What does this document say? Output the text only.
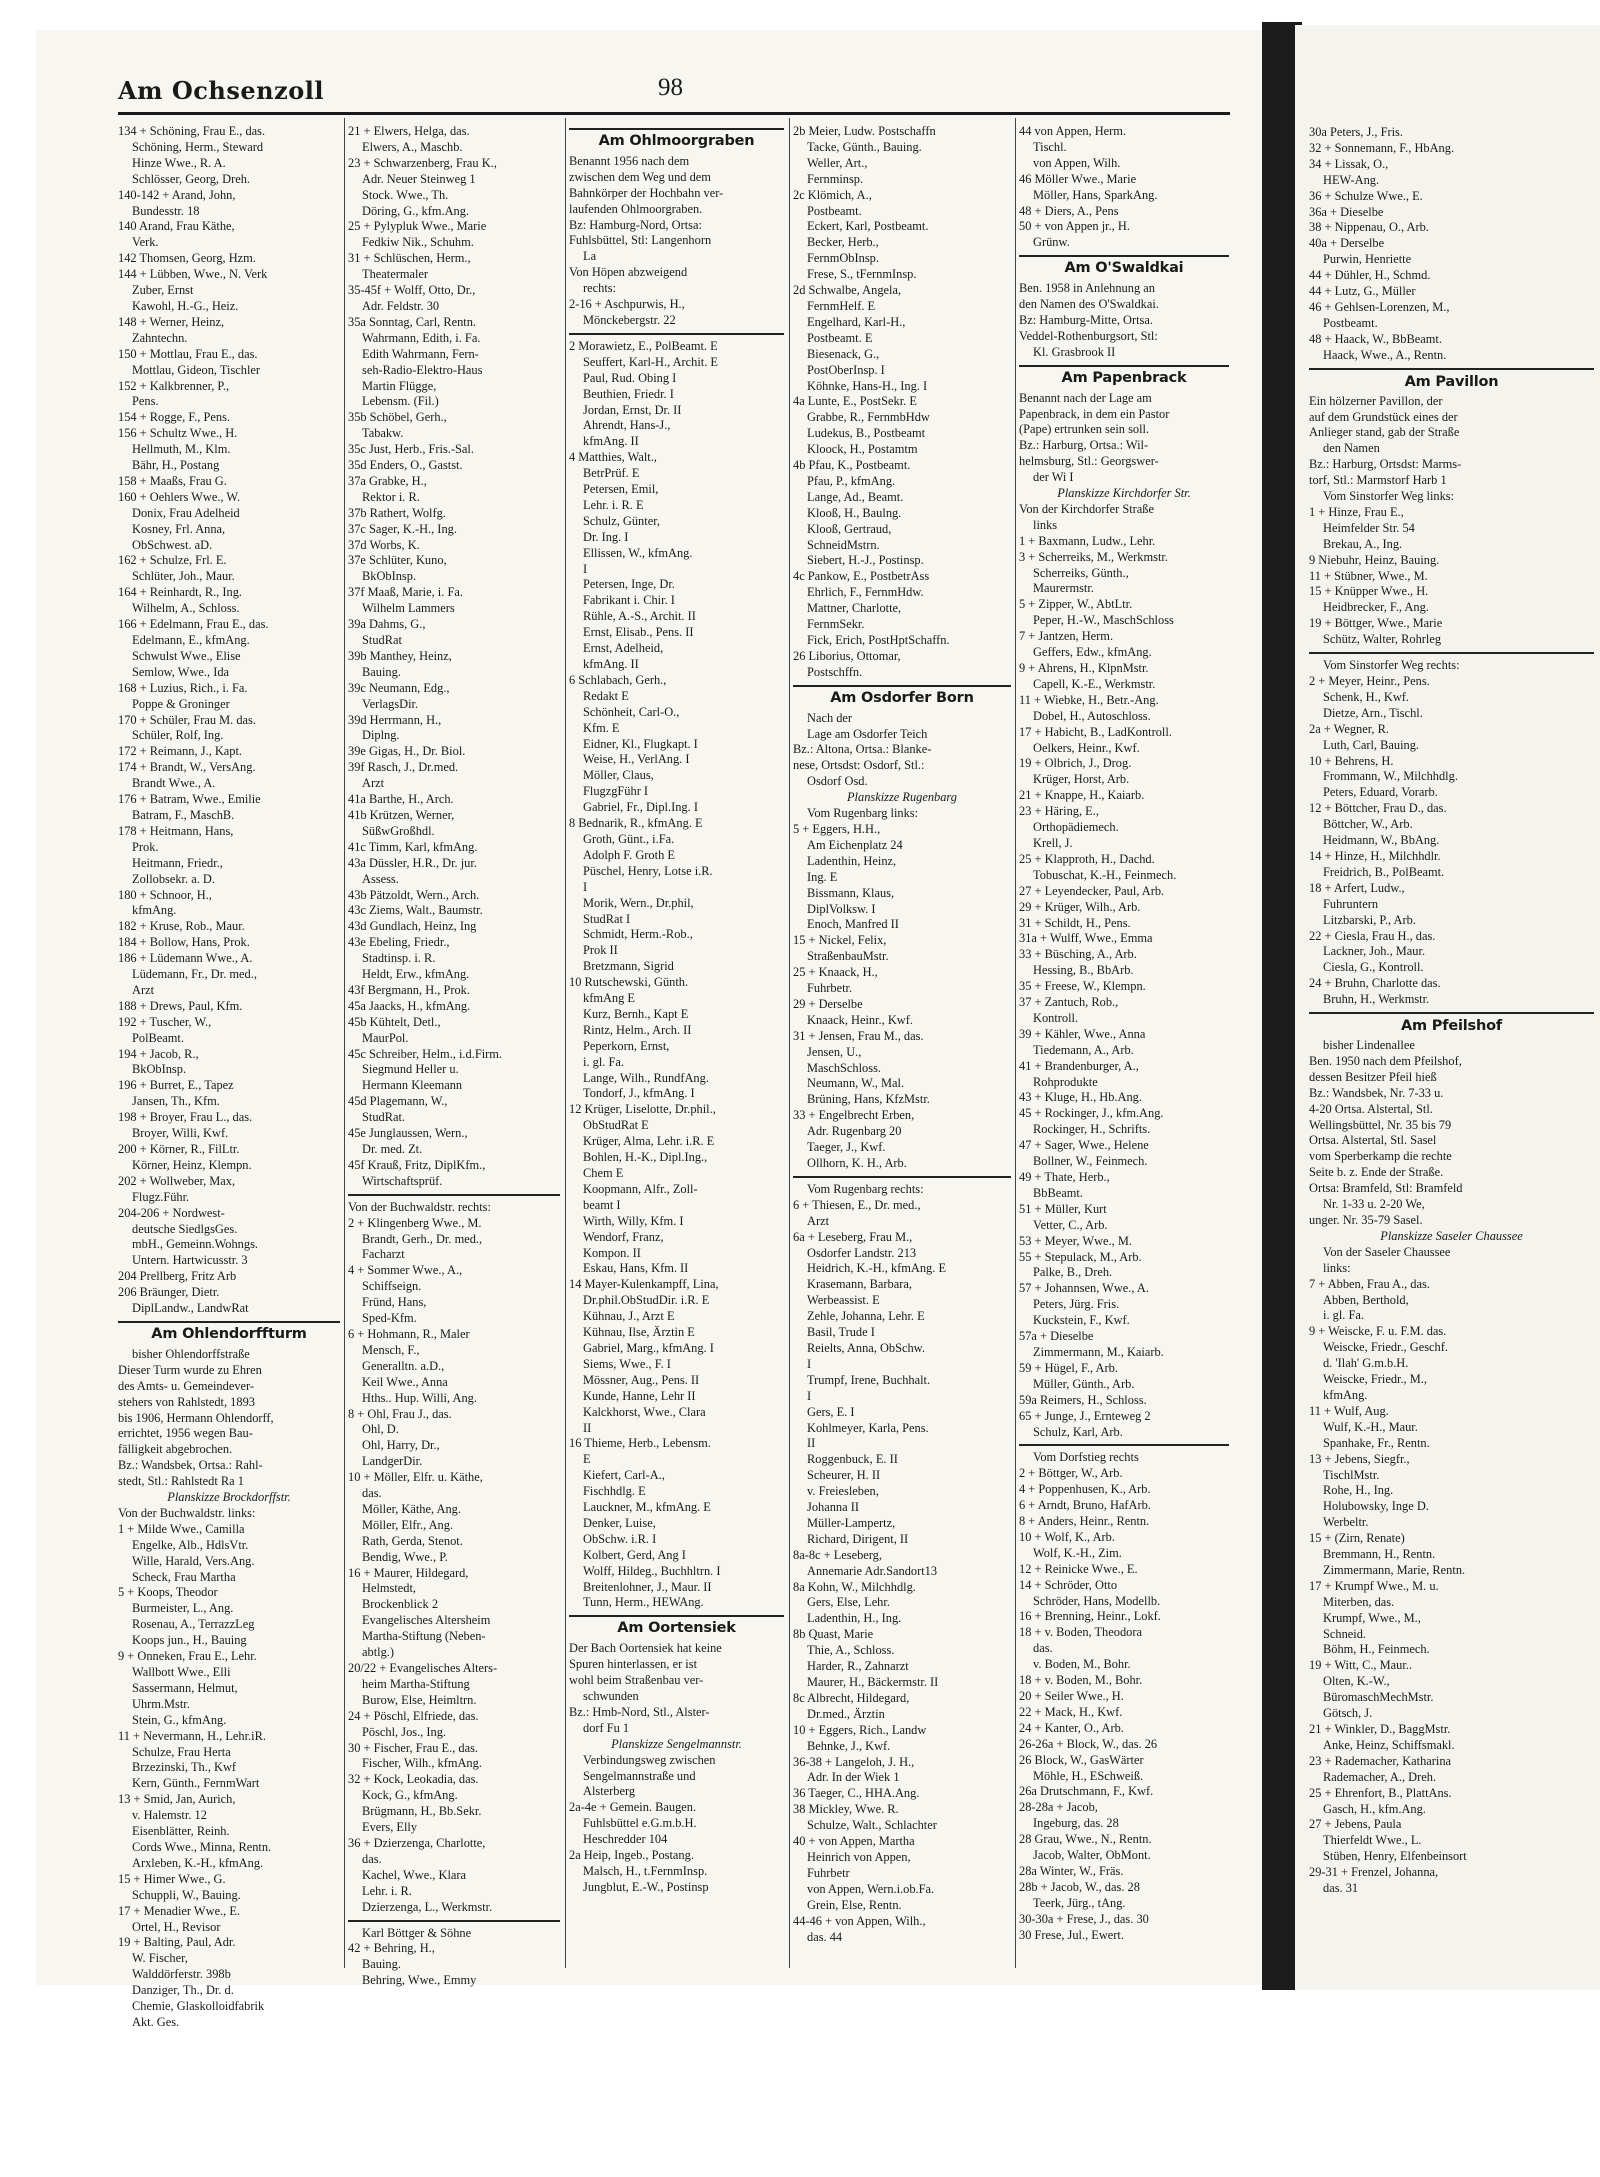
30a Peters, J., Fris.
32 + Sonnemann, F., HbAng.
34 + Lissak, O.,
HEW-Ang.
36 + Schulze Wwe., E.
36a + Dieselbe
38 + Nippenau, O., Arb.
40a + Derselbe
Purwin, Henriette
44 + Dühler, H., Schmd.
44 + Lutz, G., Müller
46 + Gehlsen-Lorenzen, M.,
Postbeamt.
48 + Haack, W., BbBeamt.
Haack, Wwe., A., Rentn.
Am Pavillon
Ein hölzerner Pavillon, der
auf dem Grundstück eines der
Anlieger stand, gab der Straße
den Namen
Bz.: Harburg, Ortsdst: Marms-
torf, Stl.: Marmstorf Harb 1
Vom Sinstorfer Weg links:
1 + Hinze, Frau E.,
Heimfelder Str. 54
Brekau, A., Ing.
9 Niebuhr, Heinz, Bauing.
11 + Stübner, Wwe., M.
15 + Knüpper Wwe., H.
Heidbrecker, F., Ang.
19 + Böttger, Wwe., Marie
Schütz, Walter, Rohrleg
Vom Sinstorfer Weg rechts:
2 + Meyer, Heinr., Pens.
Schenk, H., Kwf.
Dietze, Arn., Tischl.
2a + Wegner, R.
Luth, Carl, Bauing.
10 + Behrens, H.
Frommann, W., Milchhdlg.
Peters, Eduard, Vorarb.
12 + Böttcher, Frau D., das.
Böttcher, W., Arb.
Heidmann, W., BbAng.
14 + Hinze, H., Milchhdlr.
Freidrich, B., PolBeamt.
18 + Arfert, Ludw.,
Fuhruntern
Litzbarski, P., Arb.
22 + Ciesla, Frau H., das.
Lackner, Joh., Maur.
Ciesla, G., Kontroll.
24 + Bruhn, Charlotte das.
Bruhn, H., Werkmstr.
Am Pfeilshof
bisher Lindenallee
Ben. 1950 nach dem Pfeilshof,
dessen Besitzer Pfeil hieß
Bz.: Wandsbek, Nr. 7-33 u.
4-20 Ortsa. Alstertal, Stl.
Wellingsbüttel, Nr. 35 bis 79
Ortsa. Alstertal, Stl. Sasel
vom Sperberkamp die rechte
Seite b. z. Ende der Straße.
Ortsa: Bramfeld, Stl: Bramfeld
Nr. 1-33 u. 2-20 We,
unger. Nr. 35-79 Sasel.
Planskizze Saseler Chaussee
Von der Saseler Chaussee
links:
7 + Abben, Frau A., das.
Abben, Berthold,
i. gl. Fa.
9 + Weiscke, F. u. F.M. das.
Weiscke, Friedr., Geschf.
d. 'Ilah' G.m.b.H.
Weiscke, Friedr., M.,
kfmAng.
11 + Wulf, Aug.
Wulf, K.-H., Maur.
Spanhake, Fr., Rentn.
13 + Jebens, Siegfr.,
TischlMstr.
Rohe, H., Ing.
Holubowsky, Inge D.
Werbeltr.
15 + (Zirn, Renate)
Bremmann, H., Rentn.
Zimmermann, Marie, Rentn.
17 + Krumpf Wwe., M. u.
Miterben, das.
Krumpf, Wwe., M.,
Schneid.
Böhm, H., Feinmech.
19 + Witt, C., Maur..
Olten, K.-W.,
BüromaschMechMstr.
Götsch, J.
21 + Winkler, D., BaggMstr.
Anke, Heinz, Schiffsmakl.
23 + Rademacher, Katharina
Rademacher, A., Dreh.
25 + Ehrenfort, B., PlattAns.
Gasch, H., kfm.Ang.
27 + Jebens, Paula
Thierfeldt Wwe., L.
Stüben, Henry, Elfenbeinsort
29-31 + Frenzel, Johanna,
das. 31
Am Ochsenzoll	98
134 + Schöning, Frau E., das.
Schöning, Herm., Steward
Hinze Wwe., R. A.
Schlösser, Georg, Dreh.
140-142 + Arand, John,
Bundesstr. 18
140 Arand, Frau Käthe,
Verk.
142 Thomsen, Georg, Hzm.
144 + Lübben, Wwe., N. Verk
Zuber, Ernst
Kawohl, H.-G., Heiz.
148 + Werner, Heinz,
Zahntechn.
150 + Mottlau, Frau E., das.
Mottlau, Gideon, Tischler
152 + Kalkbrenner, P.,
Pens.
154 + Rogge, F., Pens.
156 + Schultz Wwe., H.
Hellmuth, M., Klm.
Bähr, H., Postang
158 + Maaßs, Frau G.
160 + Oehlers Wwe., W.
Donix, Frau Adelheid
Kosney, Frl. Anna,
ObSchwest. aD.
162 + Schulze, Frl. E.
Schlüter, Joh., Maur.
164 + Reinhardt, R., Ing.
Wilhelm, A., Schloss.
166 + Edelmann, Frau E., das.
Edelmann, E., kfmAng.
Schwulst Wwe., Elise
Semlow, Wwe., Ida
168 + Luzius, Rich., i. Fa.
Poppe & Groninger
170 + Schüler, Frau M. das.
Schüler, Rolf, Ing.
172 + Reimann, J., Kapt.
174 + Brandt, W., VersAng.
Brandt Wwe., A.
176 + Batram, Wwe., Emilie
Batram, F., MaschB.
178 + Heitmann, Hans,
Prok.
Heitmann, Friedr.,
Zollobsekr. a. D.
180 + Schnoor, H.,
kfmAng.
182 + Kruse, Rob., Maur.
184 + Bollow, Hans, Prok.
186 + Lüdemann Wwe., A.
Lüdemann, Fr., Dr. med.,
Arzt
188 + Drews, Paul, Kfm.
192 + Tuscher, W.,
PolBeamt.
194 + Jacob, R.,
BkObInsp.
196 + Burret, E., Tapez
Jansen, Th., Kfm.
198 + Broyer, Frau L., das.
Broyer, Willi, Kwf.
200 + Körner, R., FilLtr.
Körner, Heinz, Klempn.
202 + Wollweber, Max,
Flugz.Führ.
204-206 + Nordwest-
deutsche SiedlgsGes.
mbH., Gemeinn.Wohngs.
Untern. Hartwicusstr. 3
204 Prellberg, Fritz Arb
206 Bräunger, Dietr.
DiplLandw., LandwRat
Am Ohlendorffturm
bisher Ohlendorffstraße
Dieser Turm wurde zu Ehren
des Amts- u. Gemeindever-
stehers von Rahlstedt, 1893
bis 1906, Hermann Ohlendorff,
errichtet, 1956 wegen Bau-
fälligkeit abgebrochen.
Bz.: Wandsbek, Ortsa.: Rahl-
stedt, Stl.: Rahlstedt Ra 1
Planskizze Brockdorffstr.
Von der Buchwaldstr. links:
1 + Milde Wwe., Camilla
Engelke, Alb., HdlsVtr.
Wille, Harald, Vers.Ang.
Scheck, Frau Martha
5 + Koops, Theodor
Burmeister, L., Ang.
Rosenau, A., TerrazzLeg
Koops jun., H., Bauing
9 + Onneken, Frau E., Lehr.
Wallbott Wwe., Elli
Sassermann, Helmut,
Uhrm.Mstr.
Stein, G., kfmAng.
11 + Nevermann, H., Lehr.iR.
Schulze, Frau Herta
Brzezinski, Th., Kwf
Kern, Günth., FernmWart
13 + Smid, Jan, Aurich,
v. Halemstr. 12
Eisenblätter, Reinh.
Cords Wwe., Minna, Rentn.
Arxleben, K.-H., kfmAng.
15 + Himer Wwe., G.
Schuppli, W., Bauing.
17 + Menadier Wwe., E.
Ortel, H., Revisor
19 + Balting, Paul, Adr.
W. Fischer,
Walddörferstr. 398b
Danziger, Th., Dr. d.
Chemie, Glaskolloidfabrik
Akt. Ges.
21 + Elwers, Helga, das.
Elwers, A., Maschb.
23 + Schwarzenberg, Frau K.,
Adr. Neuer Steinweg 1
Stock. Wwe., Th.
Döring, G., kfm.Ang.
25 + Pylypluk Wwe., Marie
Fedkiw Nik., Schuhm.
31 + Schlüschen, Herm.,
Theatermaler
35-45f + Wolff, Otto, Dr.,
Adr. Feldstr. 30
35a Sonntag, Carl, Rentn.
Wahrmann, Edith, i. Fa.
Edith Wahrmann, Fern-
seh-Radio-Elektro-Haus
Martin Flügge,
Lebensm. (Fil.)
35b Schöbel, Gerh.,
Tabakw.
35c Just, Herb., Fris.-Sal.
35d Enders, O., Gastst.
37a Grabke, H.,
Rektor i. R.
37b Rathert, Wolfg.
37c Sager, K.-H., Ing.
37d Worbs, K.
37e Schlüter, Kuno,
BkObInsp.
37f Maaß, Marie, i. Fa.
Wilhelm Lammers
39a Dahms, G.,
StudRat
39b Manthey, Heinz,
Bauing.
39c Neumann, Edg.,
VerlagsDir.
39d Herrmann, H.,
Diplng.
39e Gigas, H., Dr. Biol.
39f Rasch, J., Dr.med.
Arzt
41a Barthe, H., Arch.
41b Krützen, Werner,
SüßwGroßhdl.
41c Timm, Karl, kfmAng.
43a Düssler, H.R., Dr. jur.
Assess.
43b Pätzoldt, Wern., Arch.
43c Ziems, Walt., Baumstr.
43d Gundlach, Heinz, Ing
43e Ebeling, Friedr.,
Stadtinsp. i. R.
Heldt, Erw., kfmAng.
43f Bergmann, H., Prok.
45a Jaacks, H., kfmAng.
45b Kühtelt, Detl.,
MaurPol.
45c Schreiber, Helm., i.d.Firm.
Siegmund Heller u.
Hermann Kleemann
45d Plagemann, W.,
StudRat.
45e Junglaussen, Wern.,
Dr. med. Zt.
45f Krauß, Fritz, DiplKfm.,
Wirtschaftsprüf.
Von der Buchwaldstr. rechts:
2 + Klingenberg Wwe., M.
Brandt, Gerh., Dr. med.,
Facharzt
4 + Sommer Wwe., A.,
Schiffseign.
Fründ, Hans,
Sped-Kfm.
6 + Hohmann, R., Maler
Mensch, F.,
Generalltn. a.D.,
Keil Wwe., Anna
Hths.. Hup. Willi, Ang.
8 + Ohl, Frau J., das.
Ohl, D.
Ohl, Harry, Dr.,
LandgerDir.
10 + Möller, Elfr. u. Käthe,
das.
Möller, Käthe, Ang.
Möller, Elfr., Ang.
Rath, Gerda, Stenot.
Bendig, Wwe., P.
16 + Maurer, Hildegard,
Helmstedt,
Brockenblick 2
Evangelisches Altersheim
Martha-Stiftung (Neben-
abtlg.)
20/22 + Evangelisches Alters-
heim Martha-Stiftung
Burow, Else, Heimltrn.
24 + Pöschl, Elfriede, das.
Pöschl, Jos., Ing.
30 + Fischer, Frau E., das.
Fischer, Wilh., kfmAng.
32 + Kock, Leokadia, das.
Kock, G., kfmAng.
Brügmann, H., Bb.Sekr.
Evers, Elly
36 + Dzierzenga, Charlotte,
das.
Kachel, Wwe., Klara
Lehr. i. R.
Dzierzenga, L., Werkmstr.
Karl Böttger & Söhne
42 + Behring, H.,
Bauing.
Behring, Wwe., Emmy
Am Ohlmoorgraben
Benannt 1956 nach dem
zwischen dem Weg und dem
Bahnkörper der Hochbahn ver-
laufenden Ohlmoorgraben.
Bz: Hamburg-Nord, Ortsa:
Fuhlsbüttel, Stl: Langenhorn
La
Von Höpen abzweigend
rechts:
2-16 + Aschpurwis, H.,
Mönckebergstr. 22
2 Morawietz, E., PolBeamt. E
Seuffert, Karl-H., Archit. E
Paul, Rud. Obing I
Beuthien, Friedr. I
Jordan, Ernst, Dr. II
Ahrendt, Hans-J.,
kfmAng. II
4 Matthies, Walt.,
BetrPrüf. E
Petersen, Emil,
Lehr. i. R. E
Schulz, Günter,
Dr. Ing. I
Ellissen, W., kfmAng.
I
Petersen, Inge, Dr.
Fabrikant i. Chir. I
Rühle, A.-S., Archit. II
Ernst, Elisab., Pens. II
Ernst, Adelheid,
kfmAng. II
6 Schlabach, Gerh.,
Redakt E
Schönheit, Carl-O.,
Kfm. E
Eidner, Kl., Flugkapt. I
Weise, H., VerlAng. I
Möller, Claus,
FlugzgFühr I
Gabriel, Fr., Dipl.Ing. I
8 Bednarik, R., kfmAng. E
Groth, Günt., i.Fa.
Adolph F. Groth E
Püschel, Henry, Lotse i.R.
I
Morik, Wern., Dr.phil,
StudRat I
Schmidt, Herm.-Rob.,
Prok II
Bretzmann, Sigrid
10 Rutschewski, Günth.
kfmAng E
Kurz, Bernh., Kapt E
Rintz, Helm., Arch. II
Peperkorn, Ernst,
i. gl. Fa.
Lange, Wilh., RundfAng.
Tondorf, J., kfmAng. I
12 Krüger, Liselotte, Dr.phil.,
ObStudRat E
Krüger, Alma, Lehr. i.R. E
Bohlen, H.-K., Dipl.Ing.,
Chem E
Koopmann, Alfr., Zoll-
beamt I
Wirth, Willy, Kfm. I
Wendorf, Franz,
Kompon. II
Eskau, Hans, Kfm. II
14 Mayer-Kulenkampff, Lina,
Dr.phil.ObStudDir. i.R. E
Kühnau, J., Arzt E
Kühnau, Ilse, Ärztin E
Gabriel, Marg., kfmAng. I
Siems, Wwe., F. I
Mössner, Aug., Pens. II
Kunde, Hanne, Lehr II
Kalckhorst, Wwe., Clara
II
16 Thieme, Herb., Lebensm.
E
Kiefert, Carl-A.,
Fischhdlg. E
Lauckner, M., kfmAng. E
Denker, Luise,
ObSchw. i.R. I
Kolbert, Gerd, Ang I
Wolff, Hildeg., Buchhltrn. I
Breitenlohner, J., Maur. II
Tunn, Herm., HEWAng.
Am Oortensiek
Der Bach Oortensiek hat keine
Spuren hinterlassen, er ist
wohl beim Straßenbau ver-
schwunden
Bz.: Hmb-Nord, Stl., Alster-
dorf Fu 1
Planskizze Sengelmannstr.
Verbindungsweg zwischen
Sengelmannstraße und
Alsterberg
2a-4e + Gemein. Baugen.
Fuhlsbüttel e.G.m.b.H.
Heschredder 104
2a Heip, Ingeb., Postang.
Malsch, H., t.FernmInsp.
Jungblut, E.-W., Postinsp
2b Meier, Ludw. Postschaffn
Tacke, Günth., Bauing.
Weller, Art.,
Fernminsp.
2c Klömich, A.,
Postbeamt.
Eckert, Karl, Postbeamt.
Becker, Herb.,
FernmObInsp.
Frese, S., tFernmInsp.
2d Schwalbe, Angela,
FernmHelf. E
Engelhard, Karl-H.,
Postbeamt. E
Biesenack, G.,
PostOberInsp. I
Köhnke, Hans-H., Ing. I
4a Lunte, E., PostSekr. E
Grabbe, R., FernmbHdw
Ludekus, B., Postbeamt
Kloock, H., Postamtm
4b Pfau, K., Postbeamt.
Pfau, P., kfmAng.
Lange, Ad., Beamt.
Klooß, H., Baulng.
Klooß, Gertraud,
SchneidMstrn.
Siebert, H.-J., Postinsp.
4c Pankow, E., PostbetrAss
Ehrlich, F., FernmHdw.
Mattner, Charlotte,
FernmSekr.
Fick, Erich, PostHptSchaffn.
26 Liborius, Ottomar,
Postschffn.
Am Osdorfer Born
Nach der
Lage am Osdorfer Teich
Bz.: Altona, Ortsa.: Blanke-
nese, Ortsdst: Osdorf, Stl.:
Osdorf Osd.
Planskizze Rugenbarg
Vom Rugenbarg links:
5 + Eggers, H.H.,
Am Eichenplatz 24
Ladenthin, Heinz,
Ing. E
Bissmann, Klaus,
DiplVolksw. I
Enoch, Manfred II
15 + Nickel, Felix,
StraßenbauMstr.
25 + Knaack, H.,
Fuhrbetr.
29 + Derselbe
Knaack, Heinr., Kwf.
31 + Jensen, Frau M., das.
Jensen, U.,
MaschSchloss.
Neumann, W., Mal.
Brüning, Hans, KfzMstr.
33 + Engelbrecht Erben,
Adr. Rugenbarg 20
Taeger, J., Kwf.
Ollhorn, K. H., Arb.
Vom Rugenbarg rechts:
6 + Thiesen, E., Dr. med.,
Arzt
6a + Leseberg, Frau M.,
Osdorfer Landstr. 213
Heidrich, K.-H., kfmAng. E
Krasemann, Barbara,
Werbeassist. E
Zehle, Johanna, Lehr. E
Basil, Trude I
Reielts, Anna, ObSchw.
I
Trumpf, Irene, Buchhalt.
I
Gers, E. I
Kohlmeyer, Karla, Pens.
II
Roggenbuck, E. II
Scheurer, H. II
v. Freiesleben,
Johanna II
Müller-Lampertz,
Richard, Dirigent, II
8a-8c + Leseberg,
Annemarie Adr.Sandort13
8a Kohn, W., Milchhdlg.
Gers, Else, Lehr.
Ladenthin, H., Ing.
8b Quast, Marie
Thie, A., Schloss.
Harder, R., Zahnarzt
Maurer, H., Bäckermstr. II
8c Albrecht, Hildegard,
Dr.med., Ärztin
10 + Eggers, Rich., Landw
Behnke, J., Kwf.
36-38 + Langeloh, J. H.,
Adr. In der Wiek 1
36 Taeger, C., HHA.Ang.
38 Mickley, Wwe. R.
Schulze, Walt., Schlachter
40 + von Appen, Martha
Heinrich von Appen,
Fuhrbetr
von Appen, Wern.i.ob.Fa.
Grein, Else, Rentn.
44-46 + von Appen, Wilh.,
das. 44
44 von Appen, Herm.
Tischl.
von Appen, Wilh.
46 Möller Wwe., Marie
Möller, Hans, SparkAng.
48 + Diers, A., Pens
50 + von Appen jr., H.
Grünw.
Am O'Swaldkai
Ben. 1958 in Anlehnung an
den Namen des O'Swaldkai.
Bz: Hamburg-Mitte, Ortsa.
Veddel-Rothenburgsort, Stl:
Kl. Grasbrook II
Am Papenbrack
Benannt nach der Lage am
Papenbrack, in dem ein Pastor
(Pape) ertrunken sein soll.
Bz.: Harburg, Ortsa.: Wil-
helmsburg, Stl.: Georgswer-
der Wi I
Planskizze Kirchdorfer Str.
Von der Kirchdorfer Straße
links
1 + Baxmann, Ludw., Lehr.
3 + Scherreiks, M., Werkmstr.
Scherreiks, Günth.,
Maurermstr.
5 + Zipper, W., AbtLtr.
Peper, H.-W., MaschSchloss
7 + Jantzen, Herm.
Geffers, Edw., kfmAng.
9 + Ahrens, H., KlpnMstr.
Capell, K.-E., Werkmstr.
11 + Wiebke, H., Betr.-Ang.
Dobel, H., Autoschloss.
17 + Habicht, B., LadKontroll.
Oelkers, Heinr., Kwf.
19 + Olbrich, J., Drog.
Krüger, Horst, Arb.
21 + Knappe, H., Kaiarb.
23 + Häring, E.,
Orthopädiemech.
Krell, J.
25 + Klapproth, H., Dachd.
Tobuschat, K.-H., Feinmech.
27 + Leyendecker, Paul, Arb.
29 + Krüger, Wilh., Arb.
31 + Schildt, H., Pens.
31a + Wulff, Wwe., Emma
33 + Büsching, A., Arb.
Hessing, B., BbArb.
35 + Freese, W., Klempn.
37 + Zantuch, Rob.,
Kontroll.
39 + Kähler, Wwe., Anna
Tiedemann, A., Arb.
41 + Brandenburger, A.,
Rohprodukte
43 + Kluge, H., Hb.Ang.
45 + Rockinger, J., kfm.Ang.
Rockinger, H., Schrifts.
47 + Sager, Wwe., Helene
Bollner, W., Feinmech.
49 + Thate, Herb.,
BbBeamt.
51 + Müller, Kurt
Vetter, C., Arb.
53 + Meyer, Wwe., M.
55 + Stepulack, M., Arb.
Palke, B., Dreh.
57 + Johannsen, Wwe., A.
Peters, Jürg. Fris.
Kuckstein, F., Kwf.
57a + Dieselbe
Zimmermann, M., Kaiarb.
59 + Hügel, F., Arb.
Müller, Günth., Arb.
59a Reimers, H., Schloss.
65 + Junge, J., Ernteweg 2
Schulz, Karl, Arb.
Vom Dorfstieg rechts
2 + Böttger, W., Arb.
4 + Poppenhusen, K., Arb.
6 + Arndt, Bruno, HafArb.
8 + Anders, Heinr., Rentn.
10 + Wolf, K., Arb.
Wolf, K.-H., Zim.
12 + Reinicke Wwe., E.
14 + Schröder, Otto
Schröder, Hans, Modellb.
16 + Brenning, Heinr., Lokf.
18 + v. Boden, Theodora
das.
v. Boden, M., Bohr.
18 + v. Boden, M., Bohr.
20 + Seiler Wwe., H.
22 + Mack, H., Kwf.
24 + Kanter, O., Arb.
26-26a + Block, W., das. 26
26 Block, W., GasWärter
Möhle, H., ESchweiß.
26a Drutschmann, F., Kwf.
28-28a + Jacob,
Ingeburg, das. 28
28 Grau, Wwe., N., Rentn.
Jacob, Walter, ObMont.
28a Winter, W., Fräs.
28b + Jacob, W., das. 28
Teerk, Jürg., tAng.
30-30a + Frese, J., das. 30
30 Frese, Jul., Ewert.
